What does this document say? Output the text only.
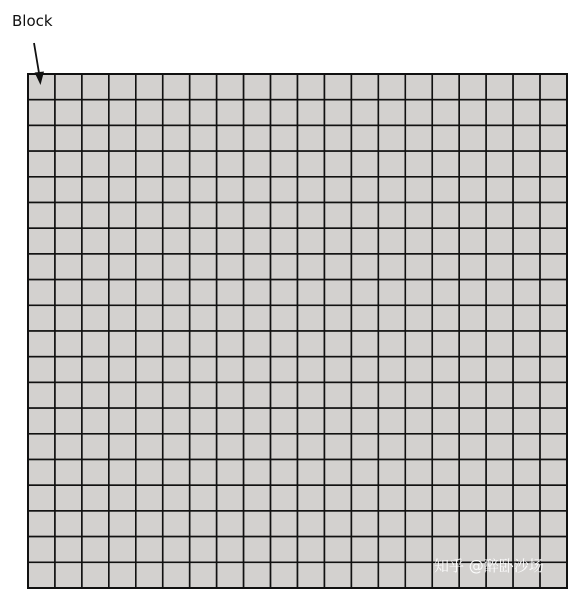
Block
知乎 @醉卧沙场
